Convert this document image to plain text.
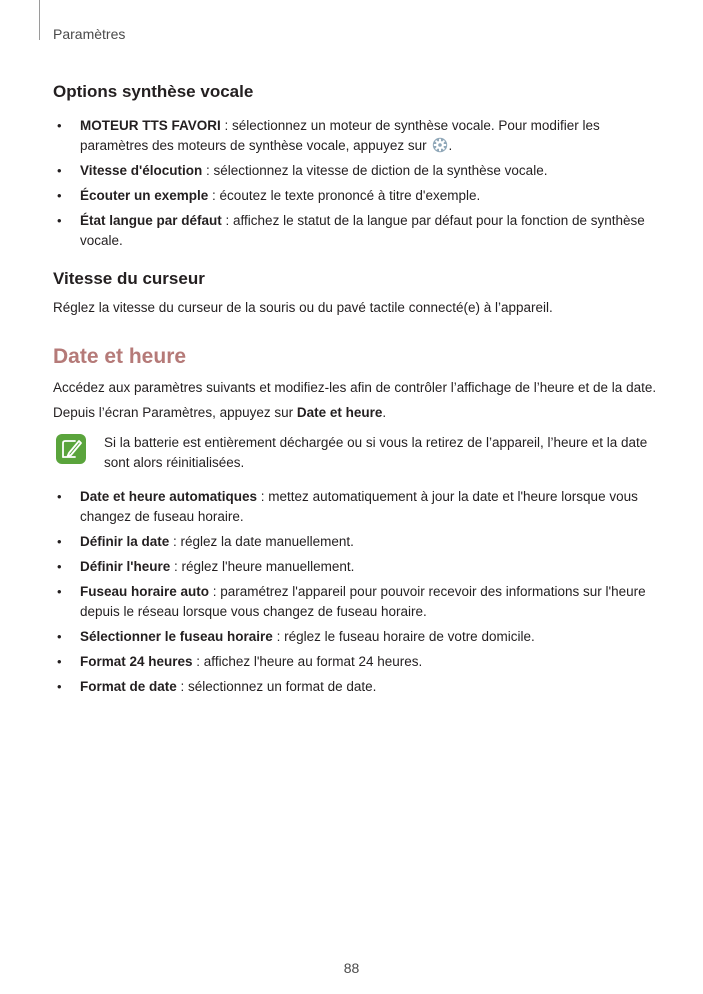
Paramètres
Options synthèse vocale
• MOTEUR TTS FAVORI : sélectionnez un moteur de synthèse vocale. Pour modifier les paramètres des moteurs de synthèse vocale, appuyez sur .
• Vitesse d'élocution : sélectionnez la vitesse de diction de la synthèse vocale.
• Écouter un exemple : écoutez le texte prononcé à titre d'exemple.
• État langue par défaut : affichez le statut de la langue par défaut pour la fonction de synthèse vocale.
Vitesse du curseur

Réglez la vitesse du curseur de la souris ou du pavé tactile connecté(e) à l’appareil.

Date et heure

Accédez aux paramètres suivants et modifiez-les afin de contrôler l’affichage de l’heure et de la date.

Depuis l’écran Paramètres, appuyez sur Date et heure.

Si la batterie est entièrement déchargée ou si vous la retirez de l’appareil, l’heure et la date sont alors réinitialisées.

• Date et heure automatiques : mettez automatiquement à jour la date et l'heure lorsque vous changez de fuseau horaire.
• Définir la date : réglez la date manuellement.
• Définir l'heure : réglez l'heure manuellement.
• Fuseau horaire auto : paramétrez l'appareil pour pouvoir recevoir des informations sur l'heure depuis le réseau lorsque vous changez de fuseau horaire.
• Sélectionner le fuseau horaire : réglez le fuseau horaire de votre domicile.
• Format 24 heures : affichez l'heure au format 24 heures.
• Format de date : sélectionnez un format de date.
88
